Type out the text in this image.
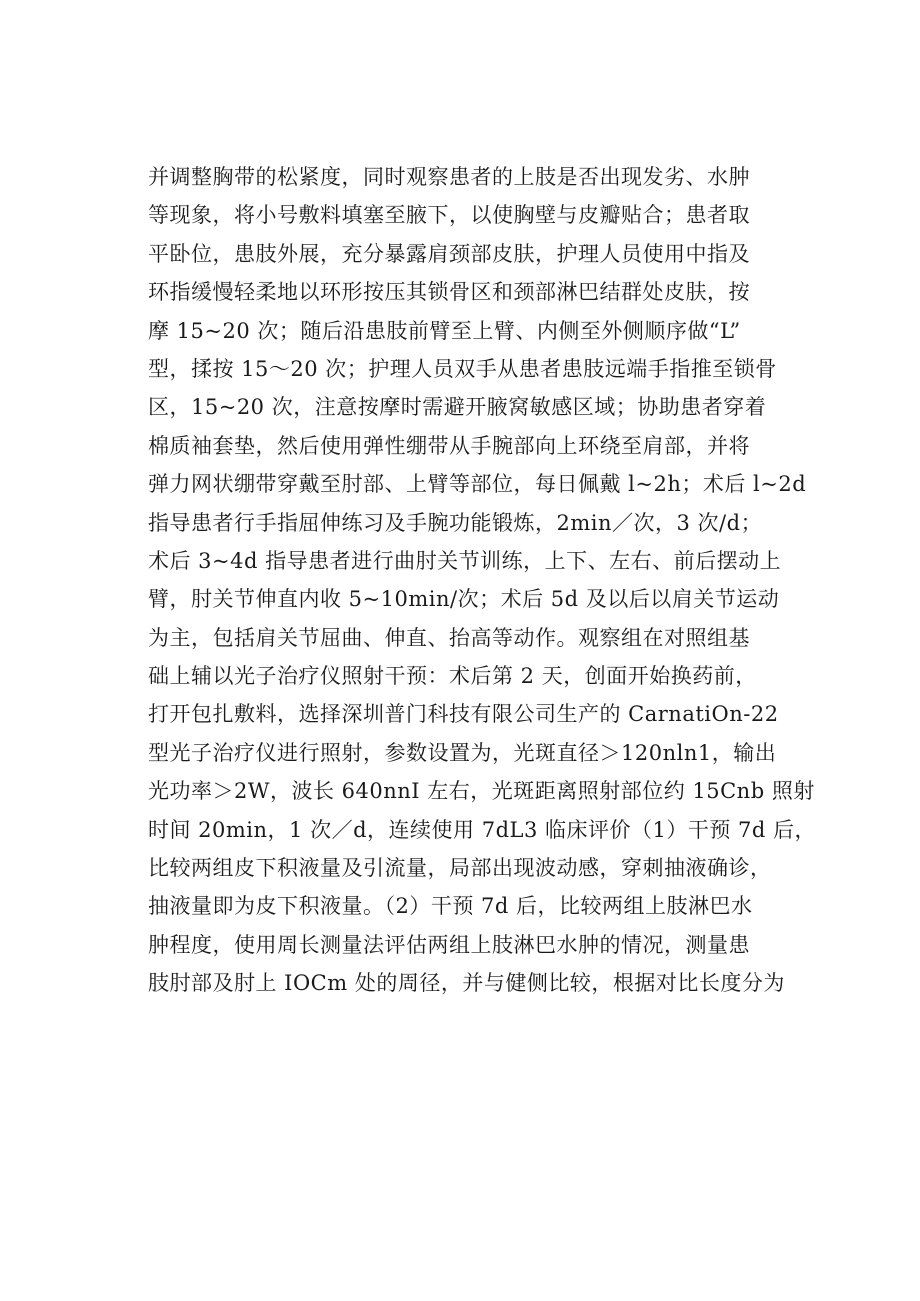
并调整胸带的松紧度，同时观察患者的上肢是否出现发劣、水肿
等现象，将小号敷料填塞至腋下，以使胸壁与皮瓣贴合；患者取
平卧位，患肢外展，充分暴露肩颈部皮肤，护理人员使用中指及
环指缓慢轻柔地以环形按压其锁骨区和颈部淋巴结群处皮肤，按
摩 15~20 次；随后沿患肢前臂至上臂、内侧至外侧顺序做“L”
型，揉按 15～20 次；护理人员双手从患者患肢远端手指推至锁骨
区，15~20 次，注意按摩时需避开腋窝敏感区域；协助患者穿着
棉质袖套垫，然后使用弹性绷带从手腕部向上环绕至肩部，并将
弹力网状绷带穿戴至肘部、上臂等部位，每日佩戴 l~2h；术后 l~2d
指导患者行手指屈伸练习及手腕功能锻炼，2min／次，3 次/d；
术后 3~4d 指导患者进行曲肘关节训练，上下、左右、前后摆动上
臂，肘关节伸直内收 5~10min/次；术后 5d 及以后以肩关节运动
为主，包括肩关节屈曲、伸直、抬高等动作。观察组在对照组基
础上辅以光子治疗仪照射干预：术后第 2 天，创面开始换药前，
打开包扎敷料，选择深圳普门科技有限公司生产的 CarnatiOn-22
型光子治疗仪进行照射，参数设置为，光斑直径＞120nln1，输出
光功率＞2W，波长 640nnI 左右，光斑距离照射部位约 15Cnb 照射
时间 20min，1 次／d，连续使用 7dL3 临床评价（1）干预 7d 后，
比较两组皮下积液量及引流量，局部出现波动感，穿刺抽液确诊，
抽液量即为皮下积液量。（2）干预 7d 后，比较两组上肢淋巴水
肿程度，使用周长测量法评估两组上肢淋巴水肿的情况，测量患
肢肘部及肘上 IOCm 处的周径，并与健侧比较，根据对比长度分为
